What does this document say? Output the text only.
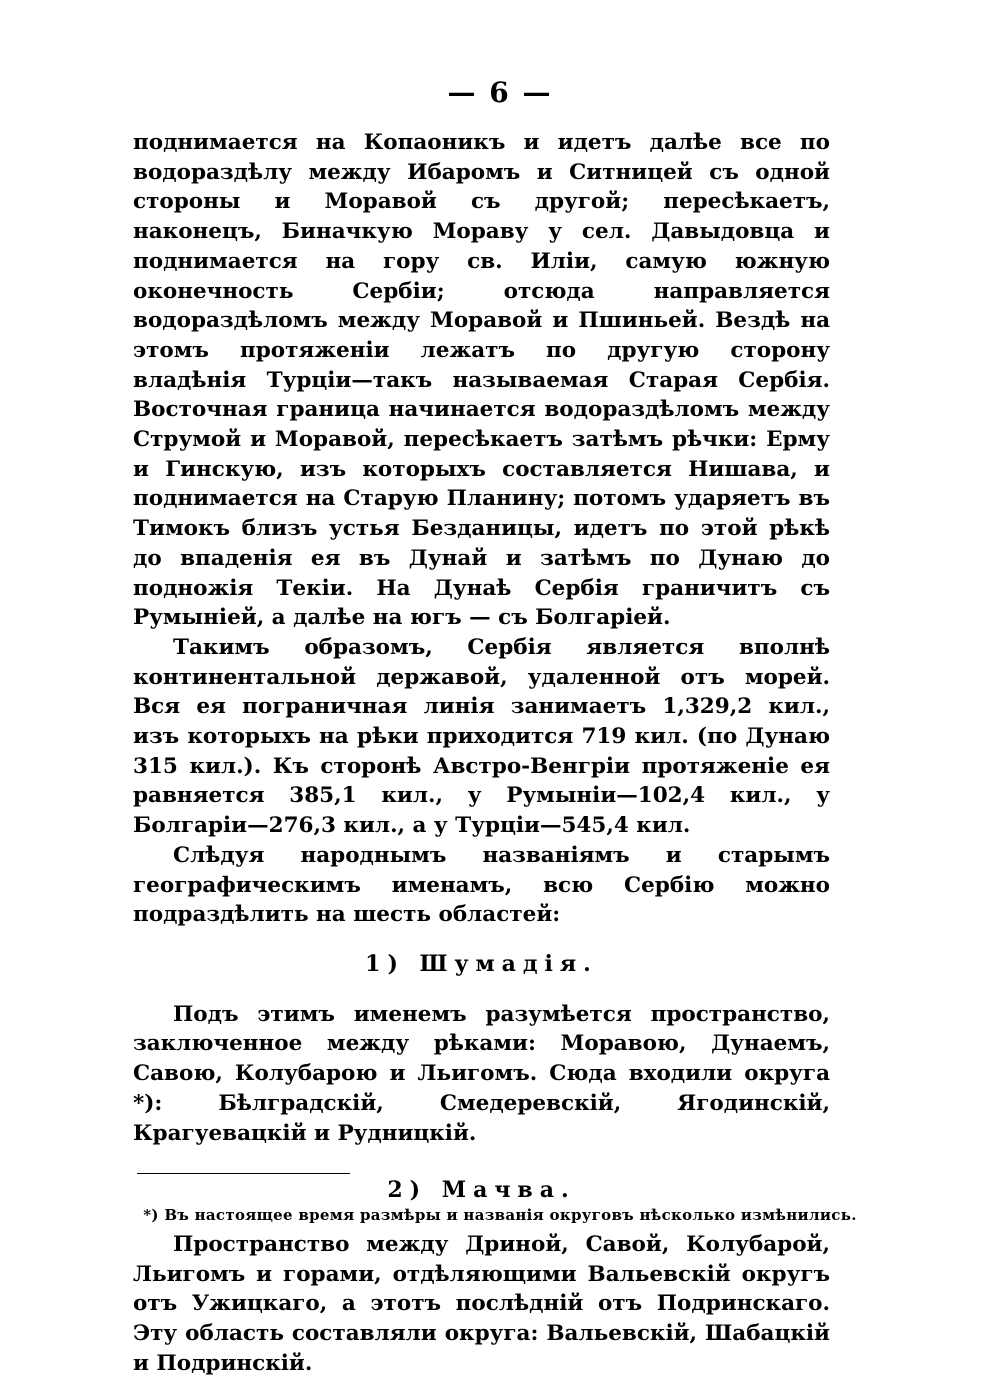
— 6 —

поднимается на Копаоникъ и идетъ далѣе все по водораздѣлу между Ибаромъ и Ситницей съ одной стороны и Моравой съ другой; пересѣкаетъ, наконецъ, Биначкую Мораву у сел. Давыдовца и поднимается на гору св. Иліи, самую южную оконечность Сербіи; отсюда направляется водораздѣломъ между Моравой и Пшиньей. Вездѣ на этомъ протяженіи лежатъ по другую сторону владѣнія Турціи—такъ называемая Старая Сербія. Восточная граница начинается водораздѣломъ между Струмой и Моравой, пересѣкаетъ затѣмъ рѣчки: Ерму и Гинскую, изъ которыхъ составляется Нишава, и поднимается на Старую Планину; потомъ ударяетъ въ Тимокъ близъ устья Безданицы, идетъ по этой рѣкѣ до впаденія ея въ Дунай и затѣмъ по Дунаю до подножія Текіи. На Дунаѣ Сербія граничитъ съ Румыніей, а далѣе на югъ — съ Болгаріей.

Такимъ образомъ, Сербія является вполнѣ континентальной державой, удаленной отъ морей. Вся ея пограничная линія занимаетъ 1,329,2 кил., изъ которыхъ на рѣки приходится 719 кил. (по Дунаю 315 кил.). Къ сторонѣ Австро-Венгріи протяженіе ея равняется 385,1 кил., у Румыніи—102,4 кил., у Болгаріи—276,3 кил., а у Турціи—545,4 кил.

Слѣдуя народнымъ названіямъ и старымъ географическимъ именамъ, всю Сербію можно подраздѣлить на шесть областей:

1) Шумадія.

Подъ этимъ именемъ разумѣется пространство, заключенное между рѣками: Моравою, Дунаемъ, Савою, Колубарою и Льигомъ. Сюда входили округа *): Бѣлградскій, Смедеревскій, Ягодинскій, Крагуевацкій и Рудницкій.

2) Мачва.

Пространство между Дриной, Савой, Колубарой, Льигомъ и горами, отдѣляющими Вальевскій округъ отъ Ужицкаго, а этотъ послѣдній отъ Подринскаго. Эту область составляли округа: Вальевскій, Шабацкій и Подринскій.

*) Въ настоящее время размѣры и названія округовъ нѣсколько измѣнились.
